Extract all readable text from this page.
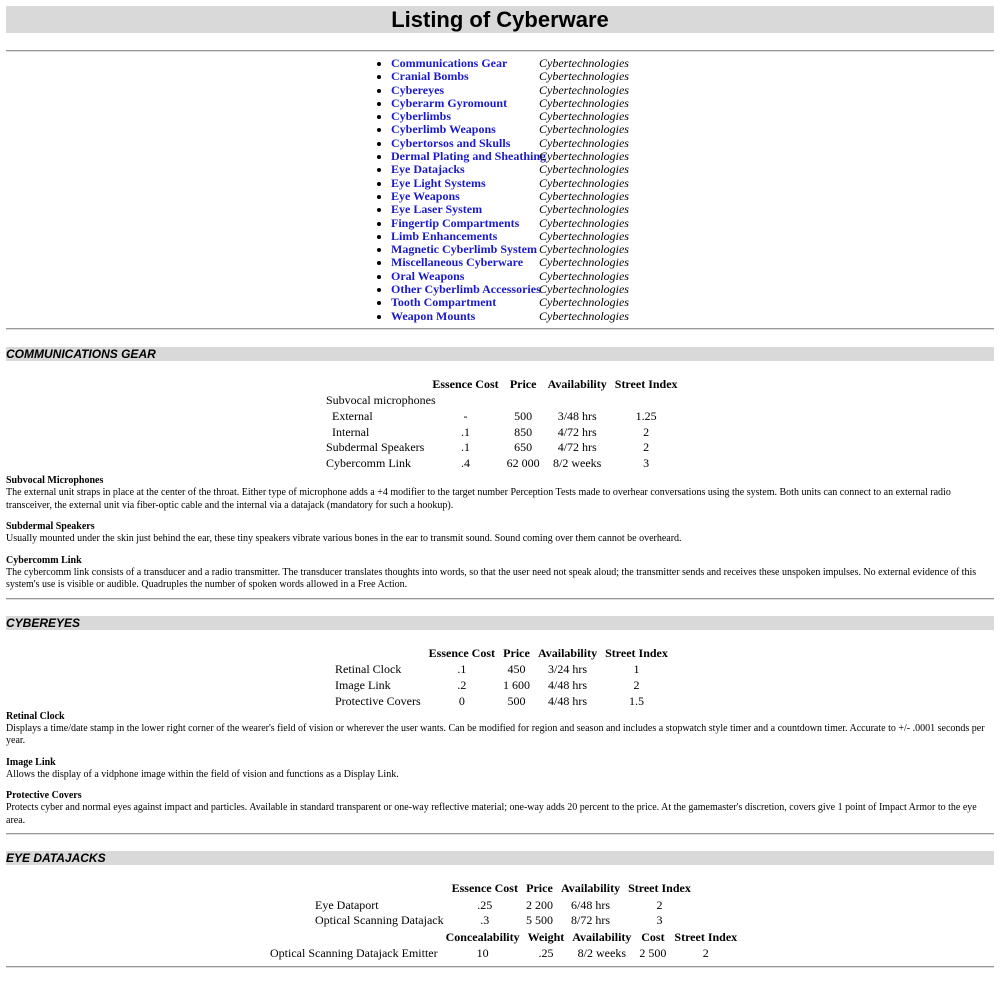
Listing of Cyberware
• Communications Gear	Cybertechnologies
• Cranial Bombs	Cybertechnologies
• Cybereyes	Cybertechnologies
• Cyberarm Gyromount	Cybertechnologies
• Cyberlimbs	Cybertechnologies
• Cyberlimb Weapons	Cybertechnologies
• Cybertorsos and Skulls Cybertechnologies
• Dermal Plating and SheathingCybertechnologies
• Eye Datajacks	Cybertechnologies
• Eye Light Systems	Cybertechnologies
• Eye Weapons	Cybertechnologies
• Eye Laser System	Cybertechnologies
• Fingertip Compartments Cybertechnologies
• Limb Enhancements	Cybertechnologies
• Magnetic Cyberlimb System Cybertechnologies
• Miscellaneous Cyberware Cybertechnologies
• Oral Weapons	Cybertechnologies
• Other Cyberlimb AccessoriesCybertechnologies
• Tooth Compartment	Cybertechnologies
• Weapon Mounts	Cybertechnologies
COMMUNICATIONS GEAR
	Essence Cost	Price	Availability	Street Index
Subvocal microphones				
External	-	500	3/48 hrs	1.25
Internal	.1	850	4/72 hrs	2
Subdermal Speakers	.1	650	4/72 hrs	2
Cybercomm Link	.4	62 000	8/2 weeks	3
Subvocal Microphones

The external unit straps in place at the center of the throat. Either type of microphone adds a +4 modifier to the target number Perception Tests made to overhear conversations using the system. Both units can connect to an external radio transceiver, the external unit via fiber-optic cable and the internal via a datajack (mandatory for such a hookup).

Subdermal Speakers

Usually mounted under the skin just behind the ear, these tiny speakers vibrate various bones in the ear to transmit sound. Sound coming over them cannot be overheard.

Cybercomm Link

The cybercomm link consists of a transducer and a radio transmitter. The transducer translates thoughts into words, so that the user need not speak aloud; the transmitter sends and receives these unspoken impulses. No external evidence of this system's use is visible or audible. Quadruples the number of spoken words allowed in a Free Action.

CYBEREYES
	Essence Cost	Price	Availability	Street Index
Retinal Clock	.1	450	3/24 hrs	1
Image Link	.2	1 600	4/48 hrs	2
Protective Covers	0	500	4/48 hrs	1.5
Retinal Clock

Displays a time/date stamp in the lower right corner of the wearer's field of vision or wherever the user wants. Can be modified for region and season and includes a stopwatch style timer and a countdown timer. Accurate to +/- .0001 seconds per year.

Image Link

Allows the display of a vidphone image within the field of vision and functions as a Display Link.

Protective Covers

Protects cyber and normal eyes against impact and particles. Available in standard transparent or one-way reflective material; one-way adds 20 percent to the price. At the gamemaster's discretion, covers give 1 point of Impact Armor to the eye area.

EYE DATAJACKS
	Essence Cost	Price	Availability	Street Index
Eye Dataport	.25	2 200	6/48 hrs	2
Optical Scanning Datajack	.3	5 500	8/72 hrs	3
	Concealability	Weight	Availability	Cost	Street Index
Optical Scanning Datajack Emitter	10	.25	8/2 weeks	2 500	2
